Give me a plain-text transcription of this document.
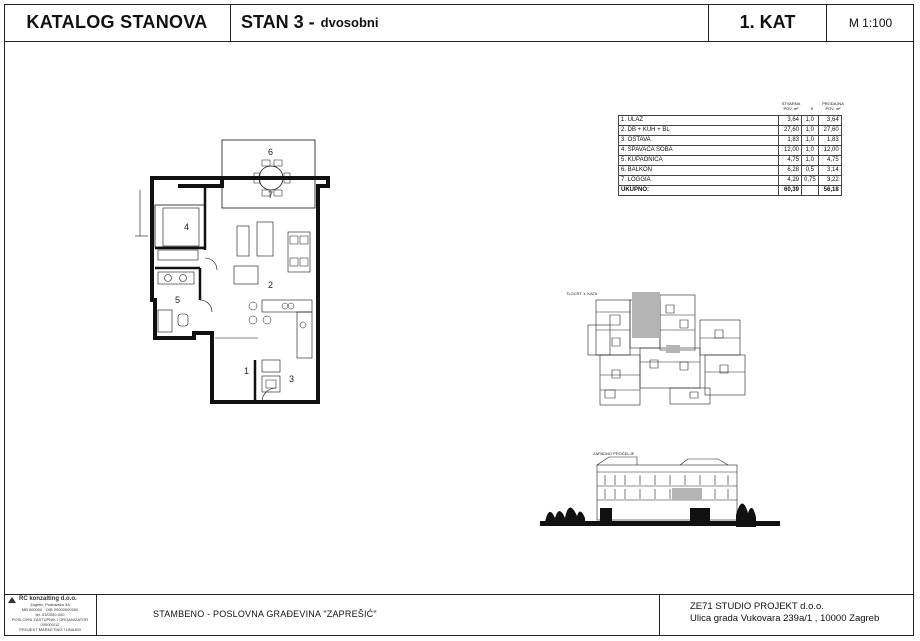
KATALOG STANOVA	STAN 3 - dvosobni	1. KAT	M 1:100
STVARNA
POV. m²	K
PRODAJNA
POV. m²
1. ULAZ	3,64	1,0	3,64
2. DB + KUH + BL	27,60	1,0	27,60
3. OSTAVA	1,83	1,0	1,83
4. SPAVAĆA SOBA	12,00	1,0	12,00
5. KUPAONICA	4,75	1,0	4,75
6. BALKON	6,28	0,5	3,14
7. LOGGIA	4,29	0,75	3,22
UKUPNO:	60,39		56,18
6
7
4
2
5
1
3
TLOCRT 1. KATA
ZAPADNO PROČELJE
RC konzalting d.o.o.
Zagreb, Podravska 3A
MB 000000 · OIB 00000000000
tel. 01/0000-000
POSLOVNI ZASTUPNIK I ORGANIZATOR
000000/12
PROJEKT MARKETING I UNAJMI
STAMBENO - POSLOVNA GRAĐEVINA "ZAPREŠIĆ"
ZE71 STUDIO PROJEKT d.o.o.
Ulica grada Vukovara 239a/1 , 10000 Zagreb
